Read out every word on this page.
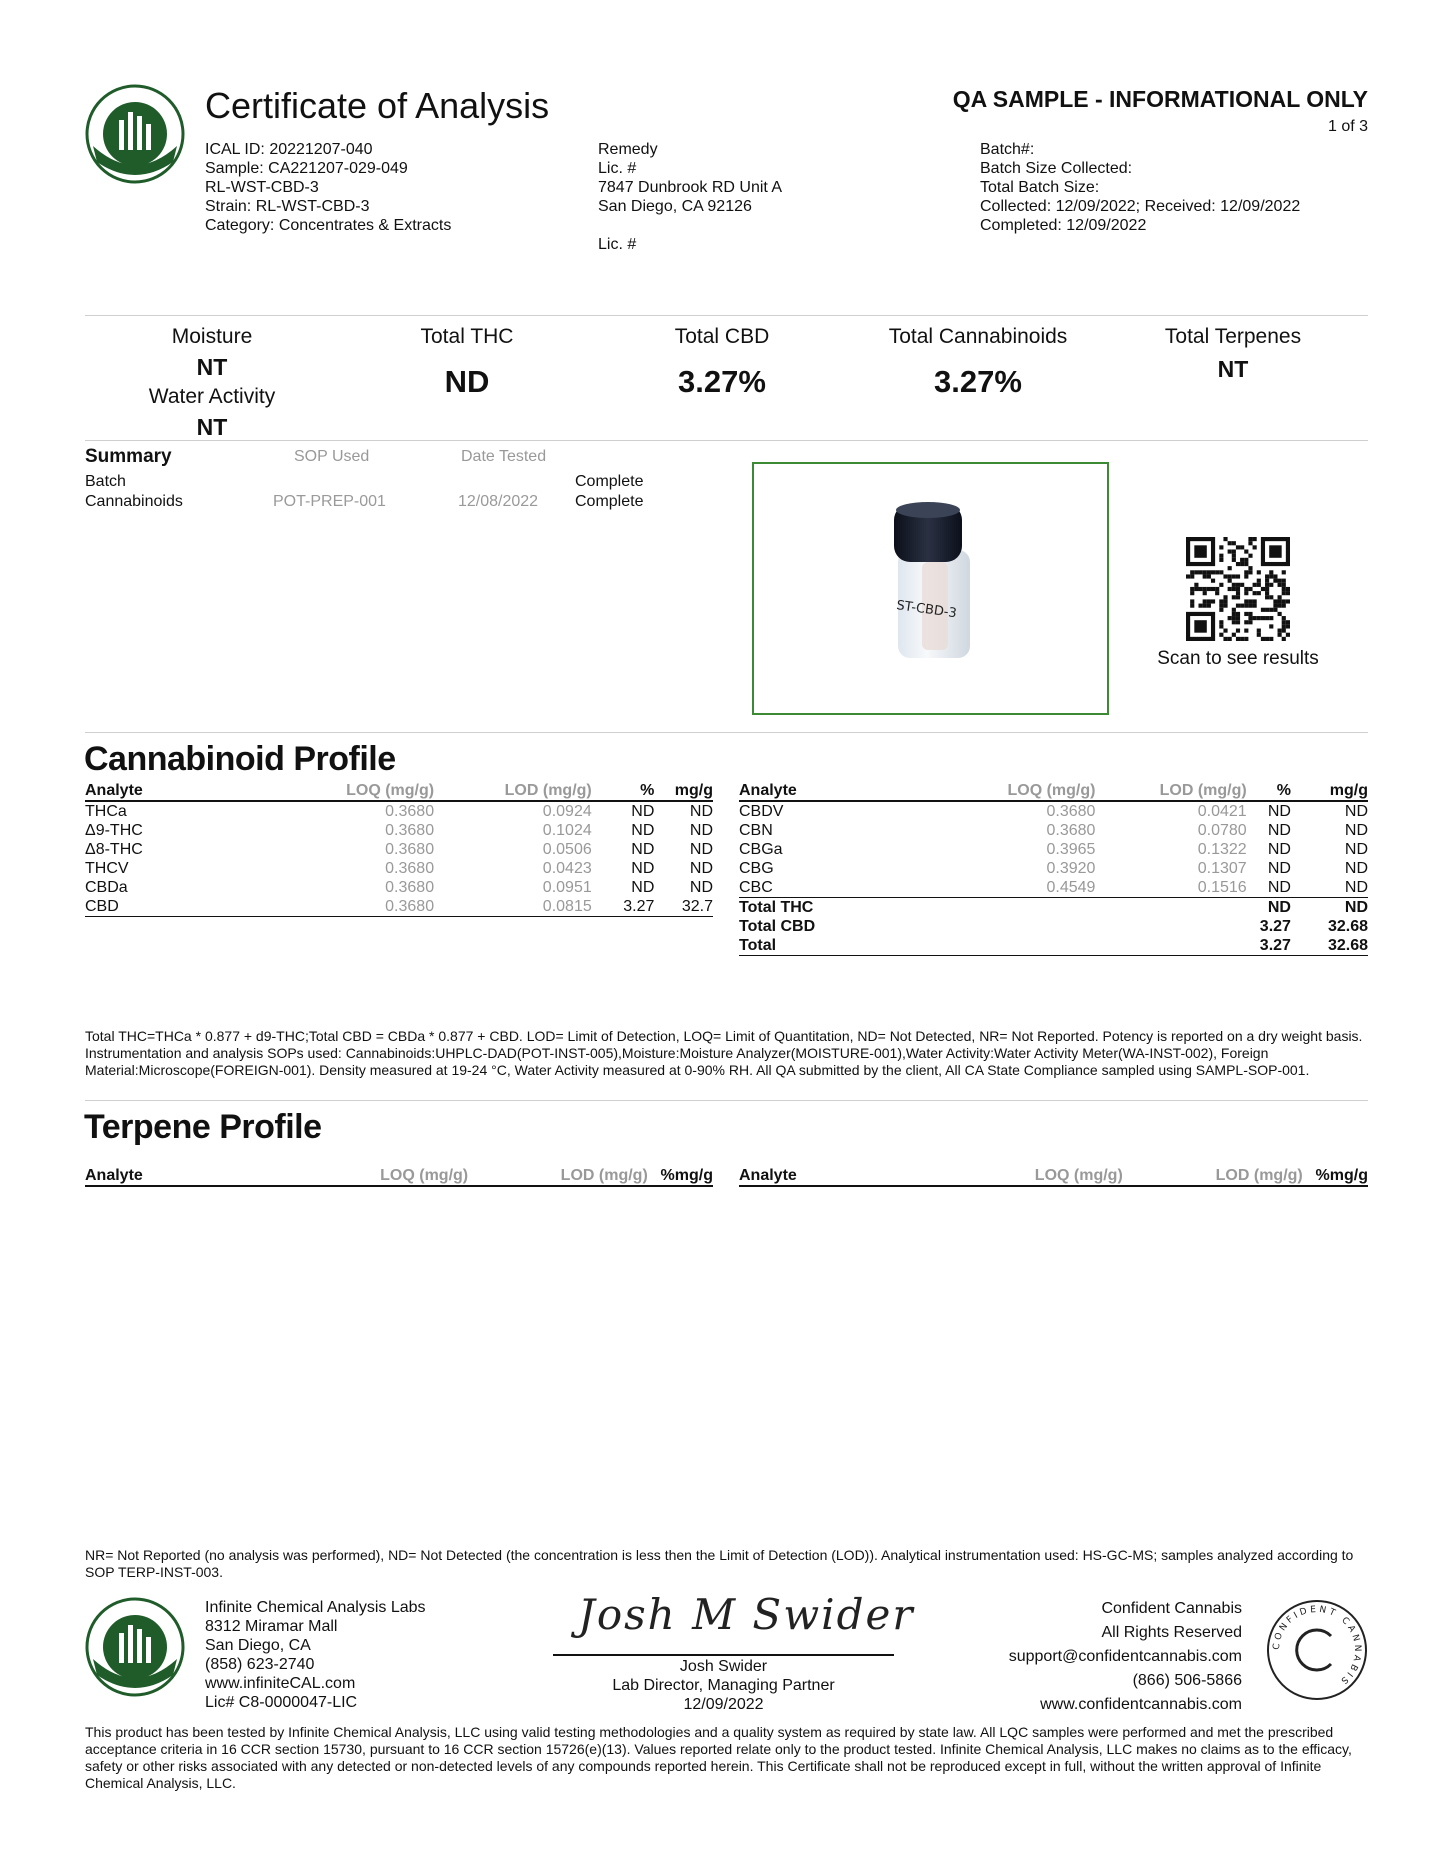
Certificate of Analysis	QA SAMPLE - INFORMATIONAL ONLY
1 of 3
ICAL ID: 20221207-040
Sample: CA221207-029-049
RL-WST-CBD-3
Strain: RL-WST-CBD-3
Category: Concentrates & Extracts
Remedy
Lic. #
7847 Dunbrook RD Unit A
San Diego, CA 92126
Lic. #
Batch#:
Batch Size Collected:
Total Batch Size:
Collected: 12/09/2022; Received: 12/09/2022
Completed: 12/09/2022
Moisture
NT
Water Activity
NT
Total THC
ND
Total CBD
3.27%
Total Cannabinoids
3.27%
Total Terpenes
NT
Summary	SOP Used	Date Tested
Batch	Complete
Cannabinoids	POT-PREP-001	12/08/2022 Complete
ST-CBD-3
Scan to see results
Cannabinoid Profile
Analyte	LOQ (mg/g)	LOD (mg/g)	%	mg/g
THCa	0.3680	0.0924	ND	ND
Δ9-THC	0.3680	0.1024	ND	ND
Δ8-THC	0.3680	0.0506	ND	ND
THCV	0.3680	0.0423	ND	ND
CBDa	0.3680	0.0951	ND	ND
CBD	0.3680	0.0815	3.27	32.7
Analyte	LOQ (mg/g)	LOD (mg/g)	%	mg/g
CBDV	0.3680	0.0421	ND	ND
CBN	0.3680	0.0780	ND	ND
CBGa	0.3965	0.1322	ND	ND
CBG	0.3920	0.1307	ND	ND
CBC	0.4549	0.1516	ND	ND
Total THC			ND	ND
Total CBD			3.27	32.68
Total			3.27	32.68
Total THC=THCa * 0.877 + d9-THC;Total CBD = CBDa * 0.877 + CBD. LOD= Limit of Detection, LOQ= Limit of Quantitation, ND= Not Detected, NR= Not Reported. Potency is reported on a dry weight basis. Instrumentation and analysis SOPs used: Cannabinoids:UHPLC-DAD(POT-INST-005),Moisture:Moisture Analyzer(MOISTURE-001),Water Activity:Water Activity Meter(WA-INST-002), Foreign Material:Microscope(FOREIGN-001). Density measured at 19-24 °C, Water Activity measured at 0-90% RH. All QA submitted by the client, All CA State Compliance sampled using SAMPL-SOP-001.
Terpene Profile
Analyte	LOQ (mg/g)	LOD (mg/g)	%	mg/g Analyte	LOQ (mg/g)	LOD (mg/g)	%	mg/g
NR= Not Reported (no analysis was performed), ND= Not Detected (the concentration is less then the Limit of Detection (LOD)). Analytical instrumentation used: HS-GC-MS; samples analyzed according to SOP TERP-INST-003.
Infinite Chemical Analysis Labs
8312 Miramar Mall
San Diego, CA
(858) 623-2740
www.infiniteCAL.com
Lic# C8-0000047-LIC
Josh M Swider
Josh Swider
Lab Director, Managing Partner
12/09/2022
Confident Cannabis
All Rights Reserved
support@confidentcannabis.com
(866) 506-5866
www.confidentcannabis.com
CONFIDENT CANNABIS
This product has been tested by Infinite Chemical Analysis, LLC using valid testing methodologies and a quality system as required by state law. All LQC samples were performed and met the prescribed acceptance criteria in 16 CCR section 15730, pursuant to 16 CCR section 15726(e)(13). Values reported relate only to the product tested. Infinite Chemical Analysis, LLC makes no claims as to the efficacy, safety or other risks associated with any detected or non-detected levels of any compounds reported herein. This Certificate shall not be reproduced except in full, without the written approval of Infinite Chemical Analysis, LLC.
